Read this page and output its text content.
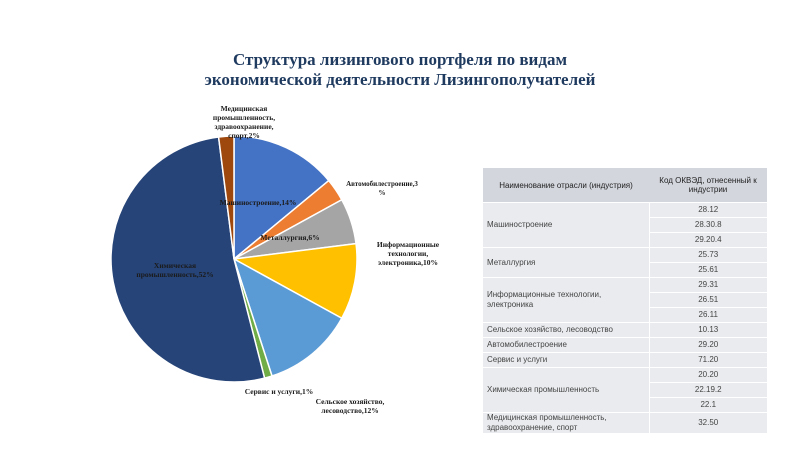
Структура лизингового портфеля по видам
экономической деятельности Лизингополучателей
Машиностроение,14%
Автомобилестроение,3 %
Металлургия,6%
Информационные технологии, электроника,10%
Сельское хозяйство, лесоводство,12%
Сервис и услуги,1%
Химическая промышленность,52%
Медицинская промышленность, здравоохранение, спорт,2%
Наименование отрасли (индустрия)	Код ОКВЭД, отнесенный к индустрии
Машиностроение	28.12
	28.30.8
	29.20.4
Металлургия	25.73
	25.61
Информационные технологии, электроника	29.31
	26.51
	26.11
Сельское хозяйство, лесоводство	10.13
Автомобилестроение	29.20
Сервис и услуги	71.20
Химическая промышленность	20.20
	22.19.2
	22.1
Медицинская промышленность, здравоохранение, спорт	32.50
